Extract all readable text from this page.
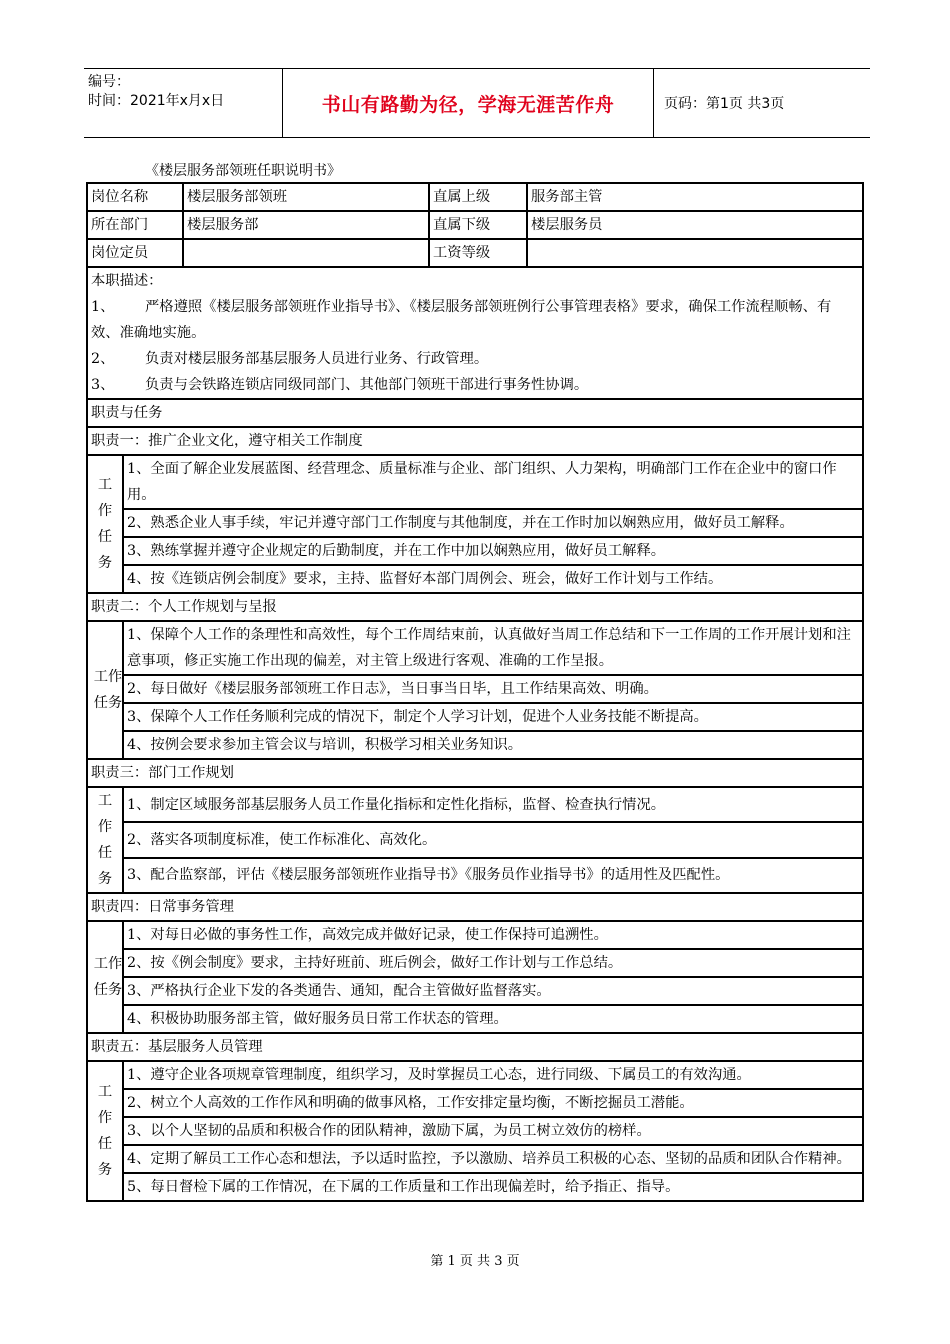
编号：
时间：2021年x月x日	书山有路勤为径，学海无涯苦作舟	页码：第1页 共3页
《楼层服务部领班任职说明书》
岗位名称	楼层服务部领班	直属上级	服务部主管
所在部门	楼层服务部	直属下级	楼层服务员
岗位定员		工资等级	

本职描述：

1、 严格遵照《楼层服务部领班作业指导书》、《楼层服务部领班例行公事管理表格》要求，确保工作流程顺畅、有效、准确地实施。

2、 负责对楼层服务部基层服务人员进行业务、行政管理。

3、 负责与会铁路连锁店同级同部门、其他部门领班干部进行事务性协调。			

职责与任务	
职责一：推广企业文化，遵守相关工作制度	
工作任务	1、全面了解企业发展蓝图、经营理念、质量标准与企业、部门组织、人力架构，明确部门工作在企业中的窗口作用。
	2、熟悉企业人事手续，牢记并遵守部门工作制度与其他制度，并在工作时加以娴熟应用，做好员工解释。
	3、熟练掌握并遵守企业规定的后勤制度，并在工作中加以娴熟应用，做好员工解释。
	4、按《连锁店例会制度》要求，主持、监督好本部门周例会、班会，做好工作计划与工作结。
职责二：个人工作规划与呈报	
工作任务	1、保障个人工作的条理性和高效性，每个工作周结束前，认真做好当周工作总结和下一工作周的工作开展计划和注意事项，修正实施工作出现的偏差，对主管上级进行客观、准确的工作呈报。
	2、每日做好《楼层服务部领班工作日志》，当日事当日毕，且工作结果高效、明确。
	3、保障个人工作任务顺利完成的情况下，制定个人学习计划，促进个人业务技能不断提高。
	4、按例会要求参加主管会议与培训，积极学习相关业务知识。
职责三：部门工作规划	
工作任务	1、制定区域服务部基层服务人员工作量化指标和定性化指标，监督、检查执行情况。
	2、落实各项制度标准，使工作标准化、高效化。
	3、配合监察部，评估《楼层服务部领班作业指导书》《服务员作业指导书》的适用性及匹配性。
职责四：日常事务管理	
工作任务	1、对每日必做的事务性工作，高效完成并做好记录，使工作保持可追溯性。
	2、按《例会制度》要求，主持好班前、班后例会，做好工作计划与工作总结。
	3、严格执行企业下发的各类通告、通知，配合主管做好监督落实。
	4、积极协助服务部主管，做好服务员日常工作状态的管理。
职责五：基层服务人员管理	
工作任务	1、遵守企业各项规章管理制度，组织学习，及时掌握员工心态，进行同级、下属员工的有效沟通。
	2、树立个人高效的工作作风和明确的做事风格，工作安排定量均衡，不断挖掘员工潜能。
	3、以个人坚韧的品质和积极合作的团队精神，激励下属，为员工树立效仿的榜样。
	4、定期了解员工工作心态和想法，予以适时监控，予以激励、培养员工积极的心态、坚韧的品质和团队合作精神。
	5、每日督检下属的工作情况，在下属的工作质量和工作出现偏差时，给予指正、指导。
第 1 页 共 3 页
